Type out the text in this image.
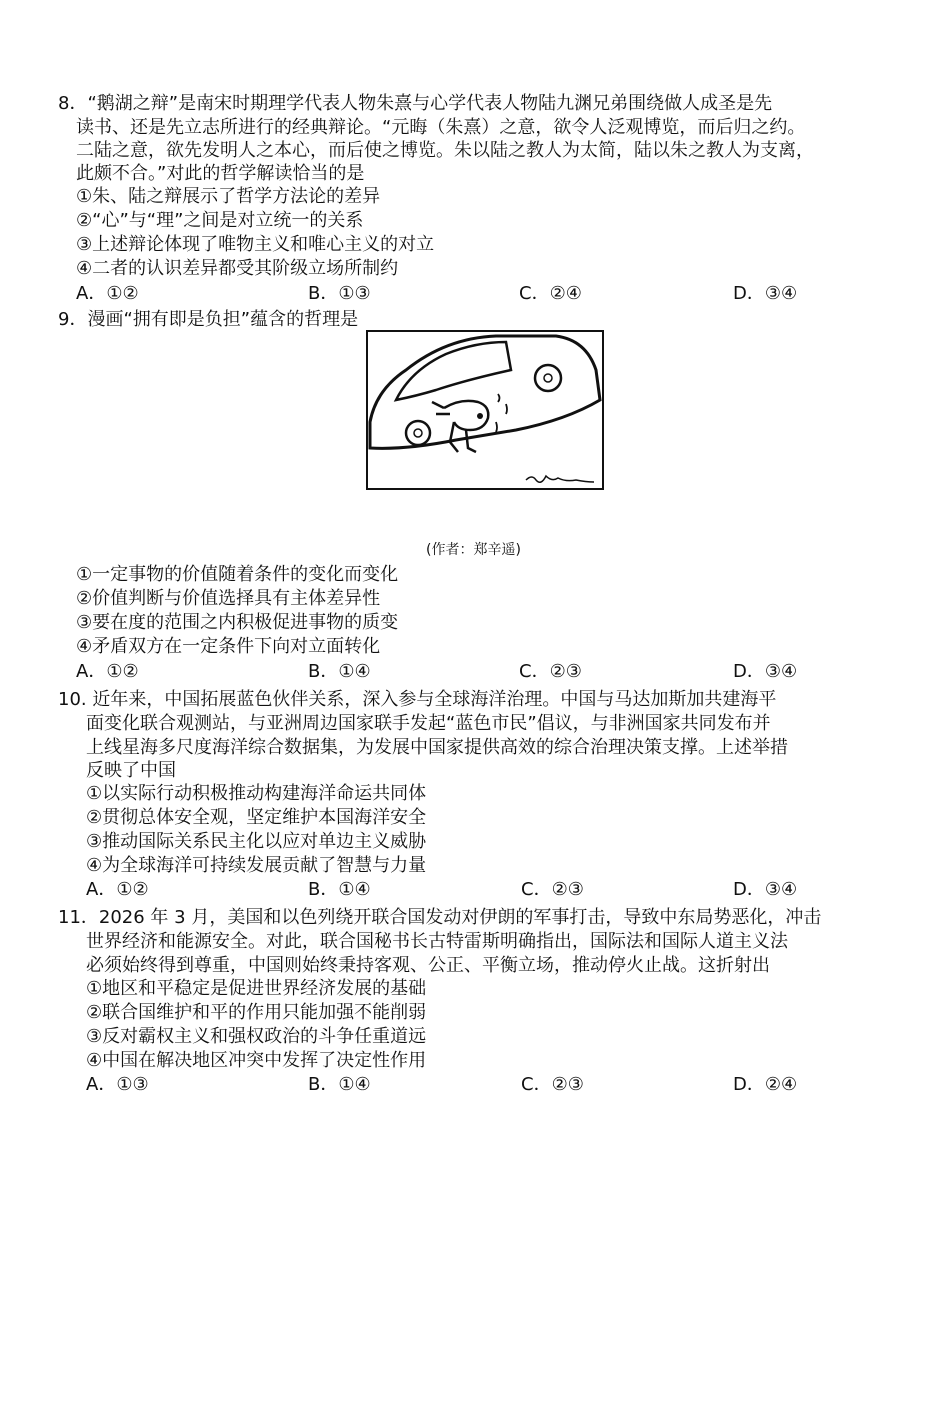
8．“鹅湖之辩”是南宋时期理学代表人物朱熹与心学代表人物陆九渊兄弟围绕做人成圣是先
读书、还是先立志所进行的经典辩论。“元晦（朱熹）之意，欲令人泛观博览，而后归之约。
二陆之意，欲先发明人之本心，而后使之博览。朱以陆之教人为太简，陆以朱之教人为支离，
此颇不合。”对此的哲学解读恰当的是
①朱、陆之辩展示了哲学方法论的差异
②“心”与“理”之间是对立统一的关系
③上述辩论体现了唯物主义和唯心主义的对立
④二者的认识差异都受其阶级立场所制约
A．①②	B．①③	C．②④	D．③④
9．漫画“拥有即是负担”蕴含的哲理是
(作者：郑辛遥)
①一定事物的价值随着条件的变化而变化
②价值判断与价值选择具有主体差异性
③要在度的范围之内积极促进事物的质变
④矛盾双方在一定条件下向对立面转化
A．①②	B．①④	C．②③	D．③④
10. 近年来，中国拓展蓝色伙伴关系，深入参与全球海洋治理。中国与马达加斯加共建海平
面变化联合观测站，与亚洲周边国家联手发起“蓝色市民”倡议，与非洲国家共同发布并
上线星海多尺度海洋综合数据集，为发展中国家提供高效的综合治理决策支撑。上述举措
反映了中国
①以实际行动积极推动构建海洋命运共同体
②贯彻总体安全观，坚定维护本国海洋安全
③推动国际关系民主化以应对单边主义威胁
④为全球海洋可持续发展贡献了智慧与力量
A．①②	B．①④	C．②③	D．③④
11．2026 年 3 月，美国和以色列绕开联合国发动对伊朗的军事打击，导致中东局势恶化，冲击
世界经济和能源安全。对此，联合国秘书长古特雷斯明确指出，国际法和国际人道主义法
必须始终得到尊重，中国则始终秉持客观、公正、平衡立场，推动停火止战。这折射出
①地区和平稳定是促进世界经济发展的基础
②联合国维护和平的作用只能加强不能削弱
③反对霸权主义和强权政治的斗争任重道远
④中国在解决地区冲突中发挥了决定性作用
A．①③	B．①④	C．②③	D．②④
